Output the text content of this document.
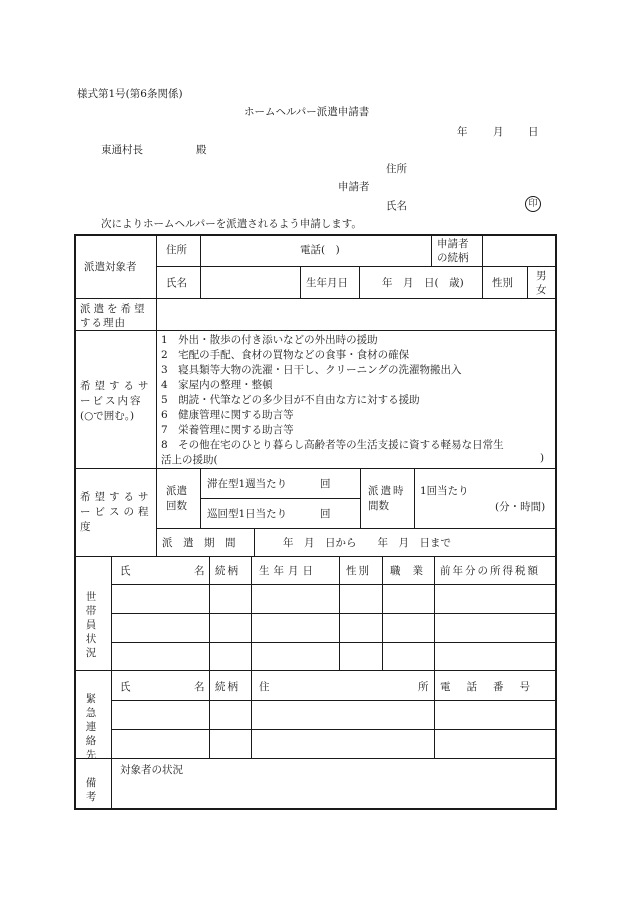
様式第1号(第6条関係)
ホームヘルパー派遣申請書
年 月 日
東通村長	殿
住所
申請者
氏名	印
次によりホームヘルパーを派遣されるよう申請します。
派遣対象者
住所	電話(　)	申請者
の続柄
氏名	生年月日	年　月　日(　歳)	性別
男
女
派遣を希望
する理由
希望するサ
ービス内容
(○で囲む。)
1　外出・散歩の付き添いなどの外出時の援助
2　宅配の手配、食材の買物などの食事・食材の確保
3　寝具類等大物の洗濯・日干し、クリーニングの洗濯物搬出入
4　家屋内の整理・整頓
5　朗読・代筆などの多少目が不自由な方に対する援助
6　健康管理に関する助言等
7　栄養管理に関する助言等
8　その他在宅のひとり暮らし高齢者等の生活支援に資する軽易な日常生
活上の援助(	)
希望するサ
ービスの程
度
派遣
回数
滞在型1週当たり	回
巡回型1日当たり	回
派遣時
間数
1回当たり
(分・時間)
派　遣　期　間	年　月　日から　　年　月　日まで
世
帯
員
状
況
氏	名 続柄 生年月日	性別 職業 前年分の所得税額
緊
急
連
絡
先
氏	名 続柄 住	所 電話番号
備
考
対象者の状況
